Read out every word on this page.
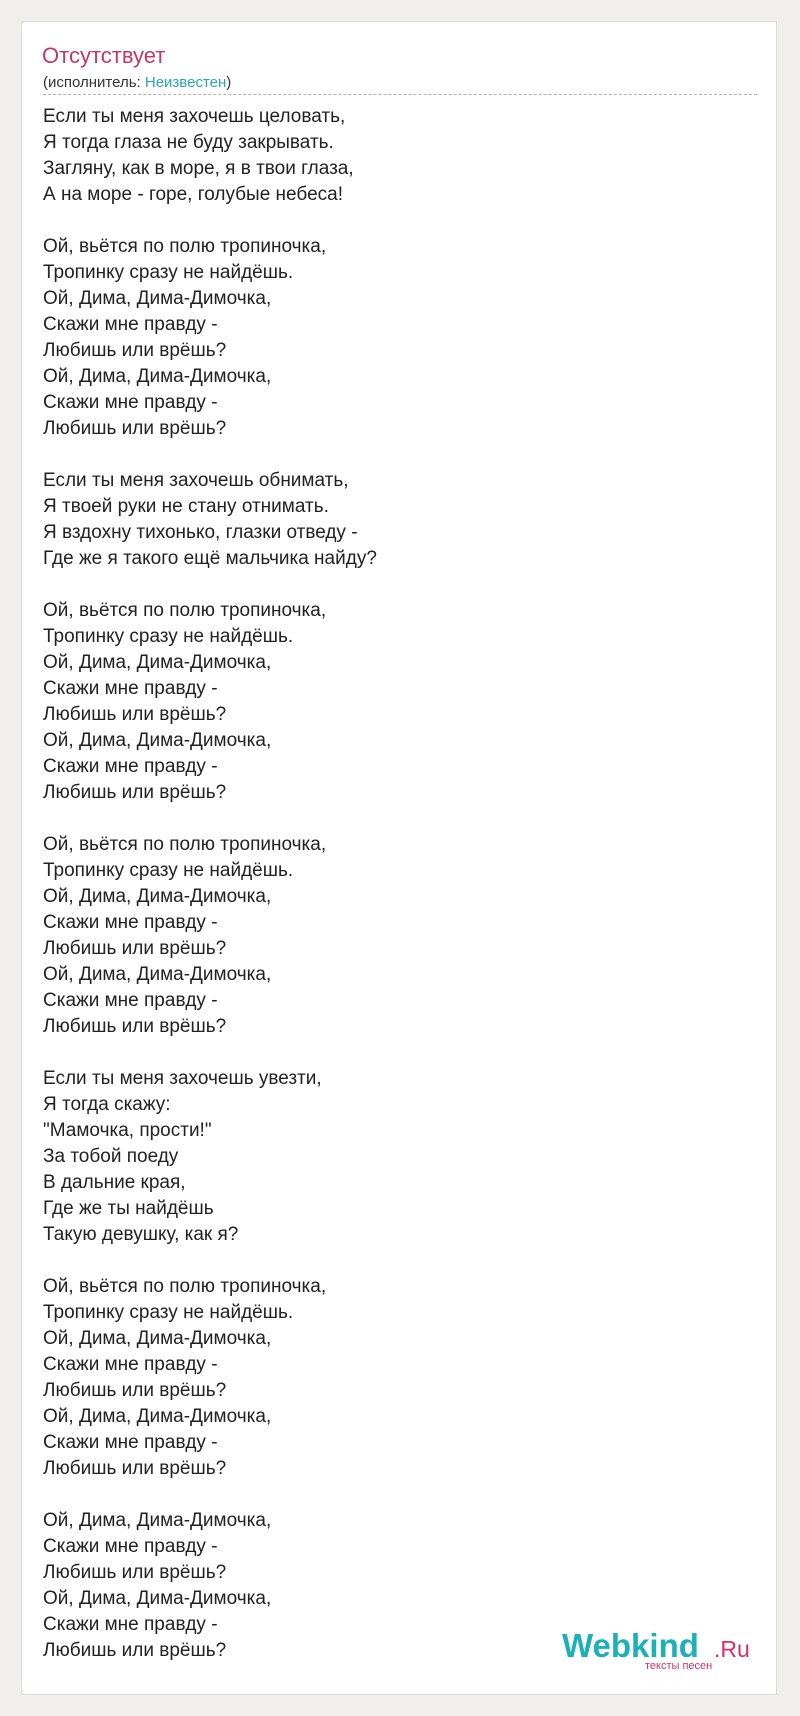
Отсутствует
(исполнитель: Неизвестен)
Если ты меня захочешь целовать,
Я тогда глаза не буду закрывать.
Загляну, как в море, я в твои глаза,
А на море - горе, голубые небеса!
Ой, вьётся по полю тропиночка,
Тропинку сразу не найдёшь.
Ой, Дима, Дима-Димочка,
Скажи мне правду -
Любишь или врёшь?
Ой, Дима, Дима-Димочка,
Скажи мне правду -
Любишь или врёшь?
Если ты меня захочешь обнимать,
Я твоей руки не стану отнимать.
Я вздохну тихонько, глазки отведу -
Где же я такого ещё мальчика найду?
Ой, вьётся по полю тропиночка,
Тропинку сразу не найдёшь.
Ой, Дима, Дима-Димочка,
Скажи мне правду -
Любишь или врёшь?
Ой, Дима, Дима-Димочка,
Скажи мне правду -
Любишь или врёшь?
Ой, вьётся по полю тропиночка,
Тропинку сразу не найдёшь.
Ой, Дима, Дима-Димочка,
Скажи мне правду -
Любишь или врёшь?
Ой, Дима, Дима-Димочка,
Скажи мне правду -
Любишь или врёшь?
Если ты меня захочешь увезти,
Я тогда скажу:
"Мамочка, прости!"
За тобой поеду
В дальние края,
Где же ты найдёшь
Такую девушку, как я?
Ой, вьётся по полю тропиночка,
Тропинку сразу не найдёшь.
Ой, Дима, Дима-Димочка,
Скажи мне правду -
Любишь или врёшь?
Ой, Дима, Дима-Димочка,
Скажи мне правду -
Любишь или врёшь?
Ой, Дима, Дима-Димочка,
Скажи мне правду -
Любишь или врёшь?
Ой, Дима, Дима-Димочка,
Скажи мне правду -
Любишь или врёшь?	Webkind .Ru
тексты песен
